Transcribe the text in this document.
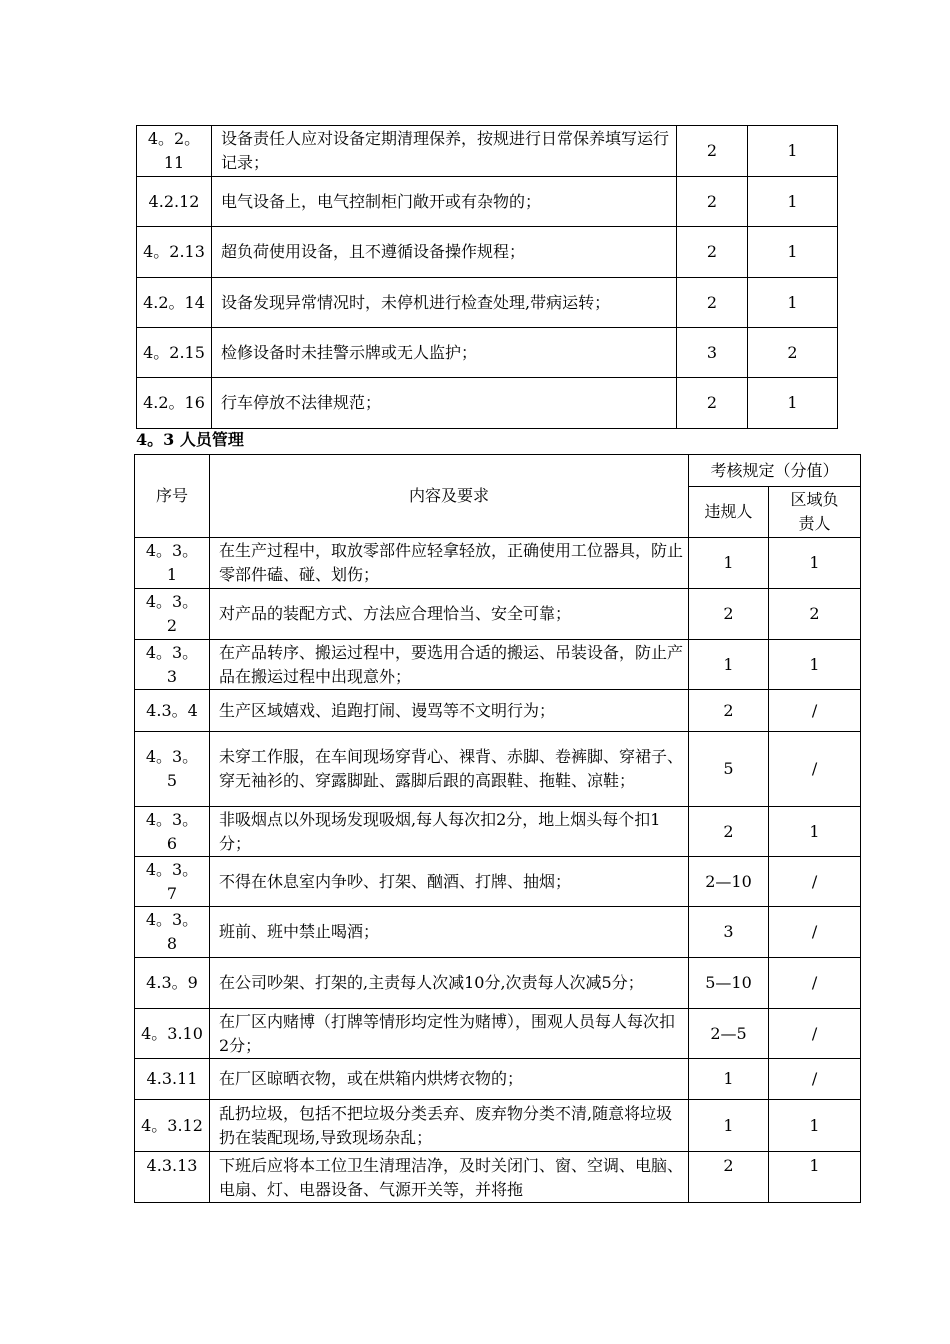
4。2。11	设备责任人应对设备定期清理保养，按规进行日常保养填写运行记录；	2	1
4.2.12	电气设备上，电气控制柜门敞开或有杂物的；	2	1
4。2.13	超负荷使用设备，且不遵循设备操作规程；	2	1
4.2。14	设备发现异常情况时，未停机进行检查处理,带病运转；	2	1
4。2.15	检修设备时未挂警示牌或无人监护；	3	2
4.2。16	行车停放不法律规范；	2	1
4。3 人员管理
序号	内容及要求	考核规定（分值）	
		违规人	区域负责人
4。3。1	在生产过程中，取放零部件应轻拿轻放，正确使用工位器具，防止零部件磕、碰、划伤；	1	1
4。3。2	对产品的装配方式、方法应合理恰当、安全可靠；	2	2
4。3。3	在产品转序、搬运过程中，要选用合适的搬运、吊装设备，防止产品在搬运过程中出现意外；	1	1
4.3。4	生产区域嬉戏、追跑打闹、谩骂等不文明行为；	2	/
4。3。5	未穿工作服，在车间现场穿背心、裸背、赤脚、卷裤脚、穿裙子、穿无袖衫的、穿露脚趾、露脚后跟的高跟鞋、拖鞋、凉鞋；	5	/
4。3。6	非吸烟点以外现场发现吸烟,每人每次扣2分，地上烟头每个扣1分；	2	1
4。3。7	不得在休息室内争吵、打架、酗酒、打牌、抽烟；	2—10	/
4。3。8	班前、班中禁止喝酒；	3	/
4.3。9	在公司吵架、打架的,主责每人次减10分,次责每人次减5分；	5—10	/
4。3.10	在厂区内赌博（打牌等情形均定性为赌博），围观人员每人每次扣2分；	2—5	/
4.3.11	在厂区晾晒衣物，或在烘箱内烘烤衣物的；	1	/
4。3.12	乱扔垃圾，包括不把垃圾分类丢弃、废弃物分类不清,随意将垃圾扔在装配现场,导致现场杂乱；	1	1
4.3.13	下班后应将本工位卫生清理洁净，及时关闭门、窗、空调、电脑、电扇、灯、电器设备、气源开关等，并将拖	2	1
